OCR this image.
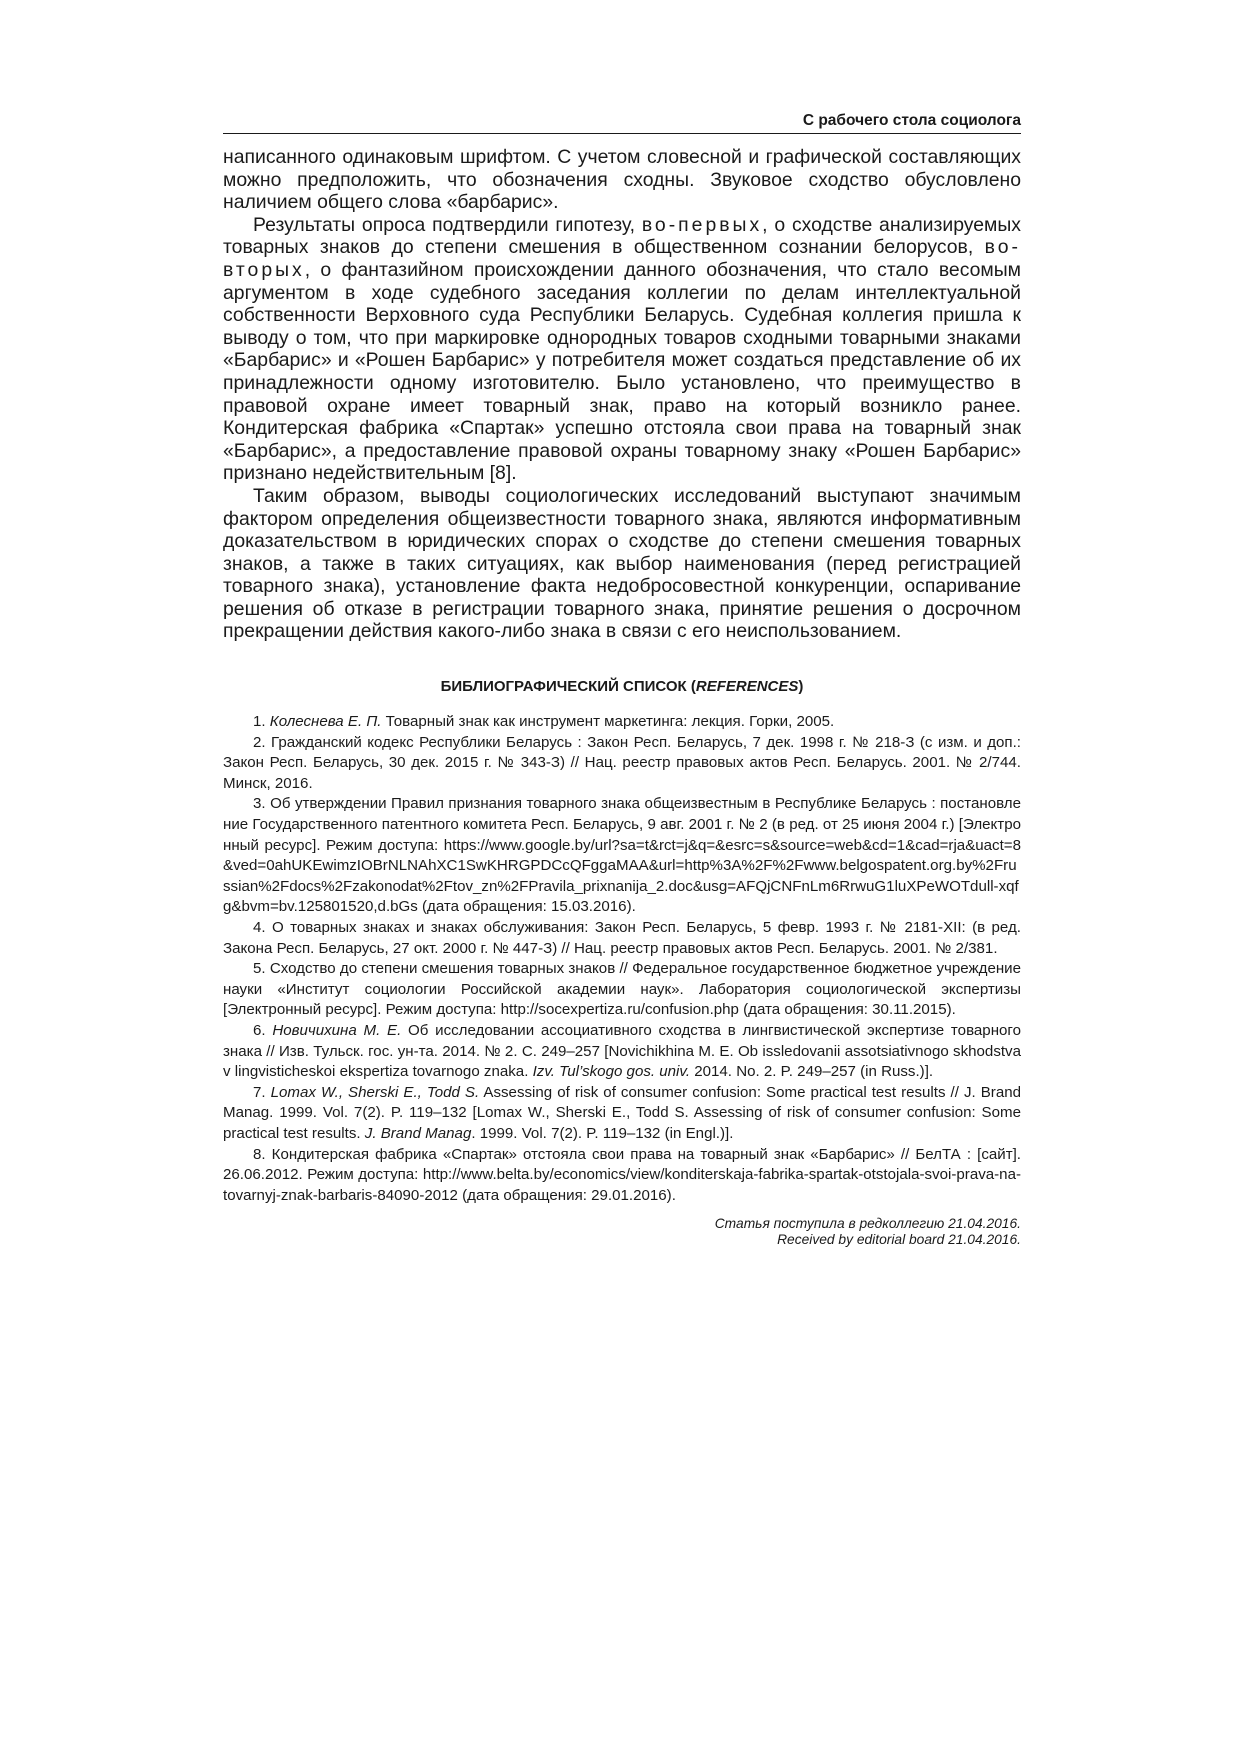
С рабочего стола социолога

написанного одинаковым шрифтом. С учетом словесной и графической составляющих можно предположить, что обозначения сходны. Звуковое сходство обусловлено наличием общего слова «барбарис».

Результаты опроса подтвердили гипотезу, во-первых, о сходстве анализируемых товарных знаков до степени смешения в общественном сознании белорусов, во-вторых, о фантазийном происхождении данного обозначения, что стало весомым аргументом в ходе судебного заседания коллегии по делам интеллектуальной собственности Верховного суда Республики Беларусь. Судебная коллегия пришла к выводу о том, что при маркировке однородных товаров сходными товарными знаками «Барбарис» и «Рошен Барбарис» у потребителя может создаться представление об их принадлежности одному изготовителю. Было установлено, что преимущество в правовой охране имеет товарный знак, право на который возникло ранее. Кондитерская фабрика «Спартак» успешно отстояла свои права на товарный знак «Барбарис», а предоставление правовой охраны товарному знаку «Рошен Барбарис» признано недействительным [8].

Таким образом, выводы социологических исследований выступают значимым фактором определения общеизвестности товарного знака, являются информативным доказательством в юридических спорах о сходстве до степени смешения товарных знаков, а также в таких ситуациях, как выбор наименования (перед регистрацией товарного знака), установление факта недобросовестной конкуренции, оспаривание решения об отказе в регистрации товарного знака, принятие решения о досрочном прекращении действия какого-либо знака в связи с его неиспользованием.

БИБЛИОГРАФИЧЕСКИЙ СПИСОК (REFERENCES)
1. Колеснева Е. П. Товарный знак как инструмент маркетинга: лекция. Горки, 2005.
2. Гражданский кодекс Республики Беларусь : Закон Респ. Беларусь, 7 дек. 1998 г. № 218-З (с изм. и доп.: Закон Респ. Беларусь, 30 дек. 2015 г. № 343-З) // Нац. реестр правовых актов Респ. Беларусь. 2001. № 2/744. Минск, 2016.
3. Об утверждении Правил признания товарного знака общеизвестным в Республике Беларусь : постановление Государственного патентного комитета Респ. Беларусь, 9 авг. 2001 г. № 2 (в ред. от 25 июня 2004 г.) [Электронный ресурс]. Режим доступа: https://www.google.by/url?sa=t&rct=j&q=&esrc=s&source=web&cd=1&cad=rja&uact=8&ved=0ahUKEwimzIOBrNLNAhXC1SwKHRGPDCcQFggaMAA&url=http%3A%2F%2Fwww.belgospatent.org.by%2Frussian%2Fdocs%2Fzakonodat%2Ftov_zn%2FPravila_prixnanija_2.doc&usg=AFQjCNFnLm6RrwuG1luXPeWOTdull-xqfg&bvm=bv.125801520,d.bGs (дата обращения: 15.03.2016).
4. О товарных знаках и знаках обслуживания: Закон Респ. Беларусь, 5 февр. 1993 г. № 2181-XII: (в ред. Закона Респ. Беларусь, 27 окт. 2000 г. № 447-З) // Нац. реестр правовых актов Респ. Беларусь. 2001. № 2/381.
5. Сходство до степени смешения товарных знаков // Федеральное государственное бюджетное учреждение науки «Институт социологии Российской академии наук». Лаборатория социологической экспертизы [Электронный ресурс]. Режим доступа: http://socexpertiza.ru/confusion.php (дата обращения: 30.11.2015).
6. Новичихина М. Е. Об исследовании ассоциативного сходства в лингвистической экспертизе товарного знака // Изв. Тульск. гос. ун-та. 2014. № 2. С. 249–257 [Novichikhina M. E. Ob issledovanii assotsiativnogo skhodstva v lingvisticheskoi ekspertiza tovarnogo znaka. Izv. Tul’skogo gos. univ. 2014. No. 2. P. 249–257 (in Russ.)].
7. Lomax W., Sherski E., Todd S. Assessing of risk of consumer confusion: Some practical test results // J. Brand Manag. 1999. Vol. 7(2). P. 119–132 [Lomax W., Sherski E., Todd S. Assessing of risk of consumer confusion: Some practical test results. J. Brand Manag. 1999. Vol. 7(2). P. 119–132 (in Engl.)].
8. Кондитерская фабрика «Спартак» отстояла свои права на товарный знак «Барбарис» // БелТА : [сайт]. 26.06.2012. Режим доступа: http://www.belta.by/economics/view/konditerskaja-fabrika-spartak-otstojala-svoi-prava-na-tovarnyj-znak-barbaris-84090-2012 (дата обращения: 29.01.2016).
Статья поступила в редколлегию 21.04.2016.
Received by editorial board 21.04.2016.
